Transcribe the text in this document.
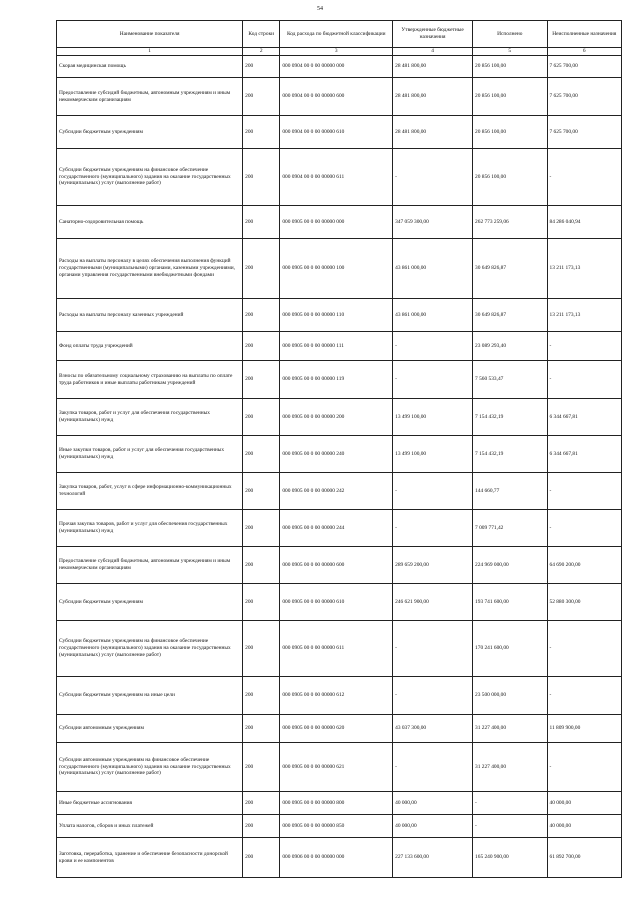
54
Наименование показателя	Код строки	Код расхода по бюджетной классификации	Утвержденные бюджетные назначения	Исполнено	Неисполненные назначения
1	2	3	4	5	6
Скорая медицинская помощь	200	000 0904 00 0 00 00000 000	28 481 800,00	20 856 100,00	7 625 700,00
Предоставление субсидий бюджетным, автономным учреждениям и иным некоммерческим организациям	200	000 0904 00 0 00 00000 600	28 481 800,00	20 856 100,00	7 625 700,00
Субсидии бюджетным учреждениям	200	000 0904 00 0 00 00000 610	28 481 800,00	20 856 100,00	7 625 700,00
Субсидии бюджетным учреждениям на финансовое обеспечение государственного (муниципального) задания на оказание государственных (муниципальных) услуг (выполнение работ)	200	000 0904 00 0 00 00000 611	-	20 856 100,00	-
Санаторно-оздоровительная помощь	200	000 0905 00 0 00 00000 000	347 059 300,00	262 773 259,06	84 286 040,94
Расходы на выплаты персоналу в целях обеспечения выполнения функций государственными (муниципальными) органами, казенными учреждениями, органами управления государственными внебюджетными фондами	200	000 0905 00 0 00 00000 100	43 861 000,00	30 649 826,87	13 211 173,13
Расходы на выплаты персоналу казенных учреждений	200	000 0905 00 0 00 00000 110	43 861 000,00	30 649 826,87	13 211 173,13
Фонд оплаты труда учреждений	200	000 0905 00 0 00 00000 111	-	23 089 293,40	-
Взносы по обязательному социальному страхованию на выплаты по оплате труда работников и иные выплаты работникам учреждений	200	000 0905 00 0 00 00000 119	-	7 560 533,47	-
Закупка товаров, работ и услуг для обеспечения государственных (муниципальных) нужд	200	000 0905 00 0 00 00000 200	13 499 100,00	7 154 432,19	6 344 667,81
Иные закупки товаров, работ и услуг для обеспечения государственных (муниципальных) нужд	200	000 0905 00 0 00 00000 240	13 499 100,00	7 154 432,19	6 344 667,81
Закупка товаров, работ, услуг в сфере информационно-коммуникационных технологий	200	000 0905 00 0 00 00000 242	-	144 660,77	-
Прочая закупка товаров, работ и услуг для обеспечения государственных (муниципальных) нужд	200	000 0905 00 0 00 00000 244	-	7 009 771,42	-
Предоставление субсидий бюджетным, автономным учреждениям и иным некоммерческим организациям	200	000 0905 00 0 00 00000 600	289 659 200,00	224 969 000,00	64 690 200,00
Субсидии бюджетным учреждениям	200	000 0905 00 0 00 00000 610	246 621 900,00	193 741 600,00	52 880 300,00
Субсидии бюджетным учреждениям на финансовое обеспечение государственного (муниципального) задания на оказание государственных (муниципальных) услуг (выполнение работ)	200	000 0905 00 0 00 00000 611	-	170 241 600,00	-
Субсидии бюджетным учреждениям на иные цели	200	000 0905 00 0 00 00000 612	-	23 500 000,00	-
Субсидии автономным учреждениям	200	000 0905 00 0 00 00000 620	43 037 300,00	31 227 400,00	11 809 900,00
Субсидии автономным учреждениям на финансовое обеспечение государственного (муниципального) задания на оказание государственных (муниципальных) услуг (выполнение работ)	200	000 0905 00 0 00 00000 621	-	31 227 400,00	-
Иные бюджетные ассигнования	200	000 0905 00 0 00 00000 800	40 000,00	-	40 000,00
Уплата налогов, сборов и иных платежей	200	000 0905 00 0 00 00000 850	40 000,00	-	40 000,00
Заготовка, переработка, хранение и обеспечение безопасности донорской крови и ее компонентов	200	000 0906 00 0 00 00000 000	227 133 600,00	165 240 900,00	61 892 700,00
